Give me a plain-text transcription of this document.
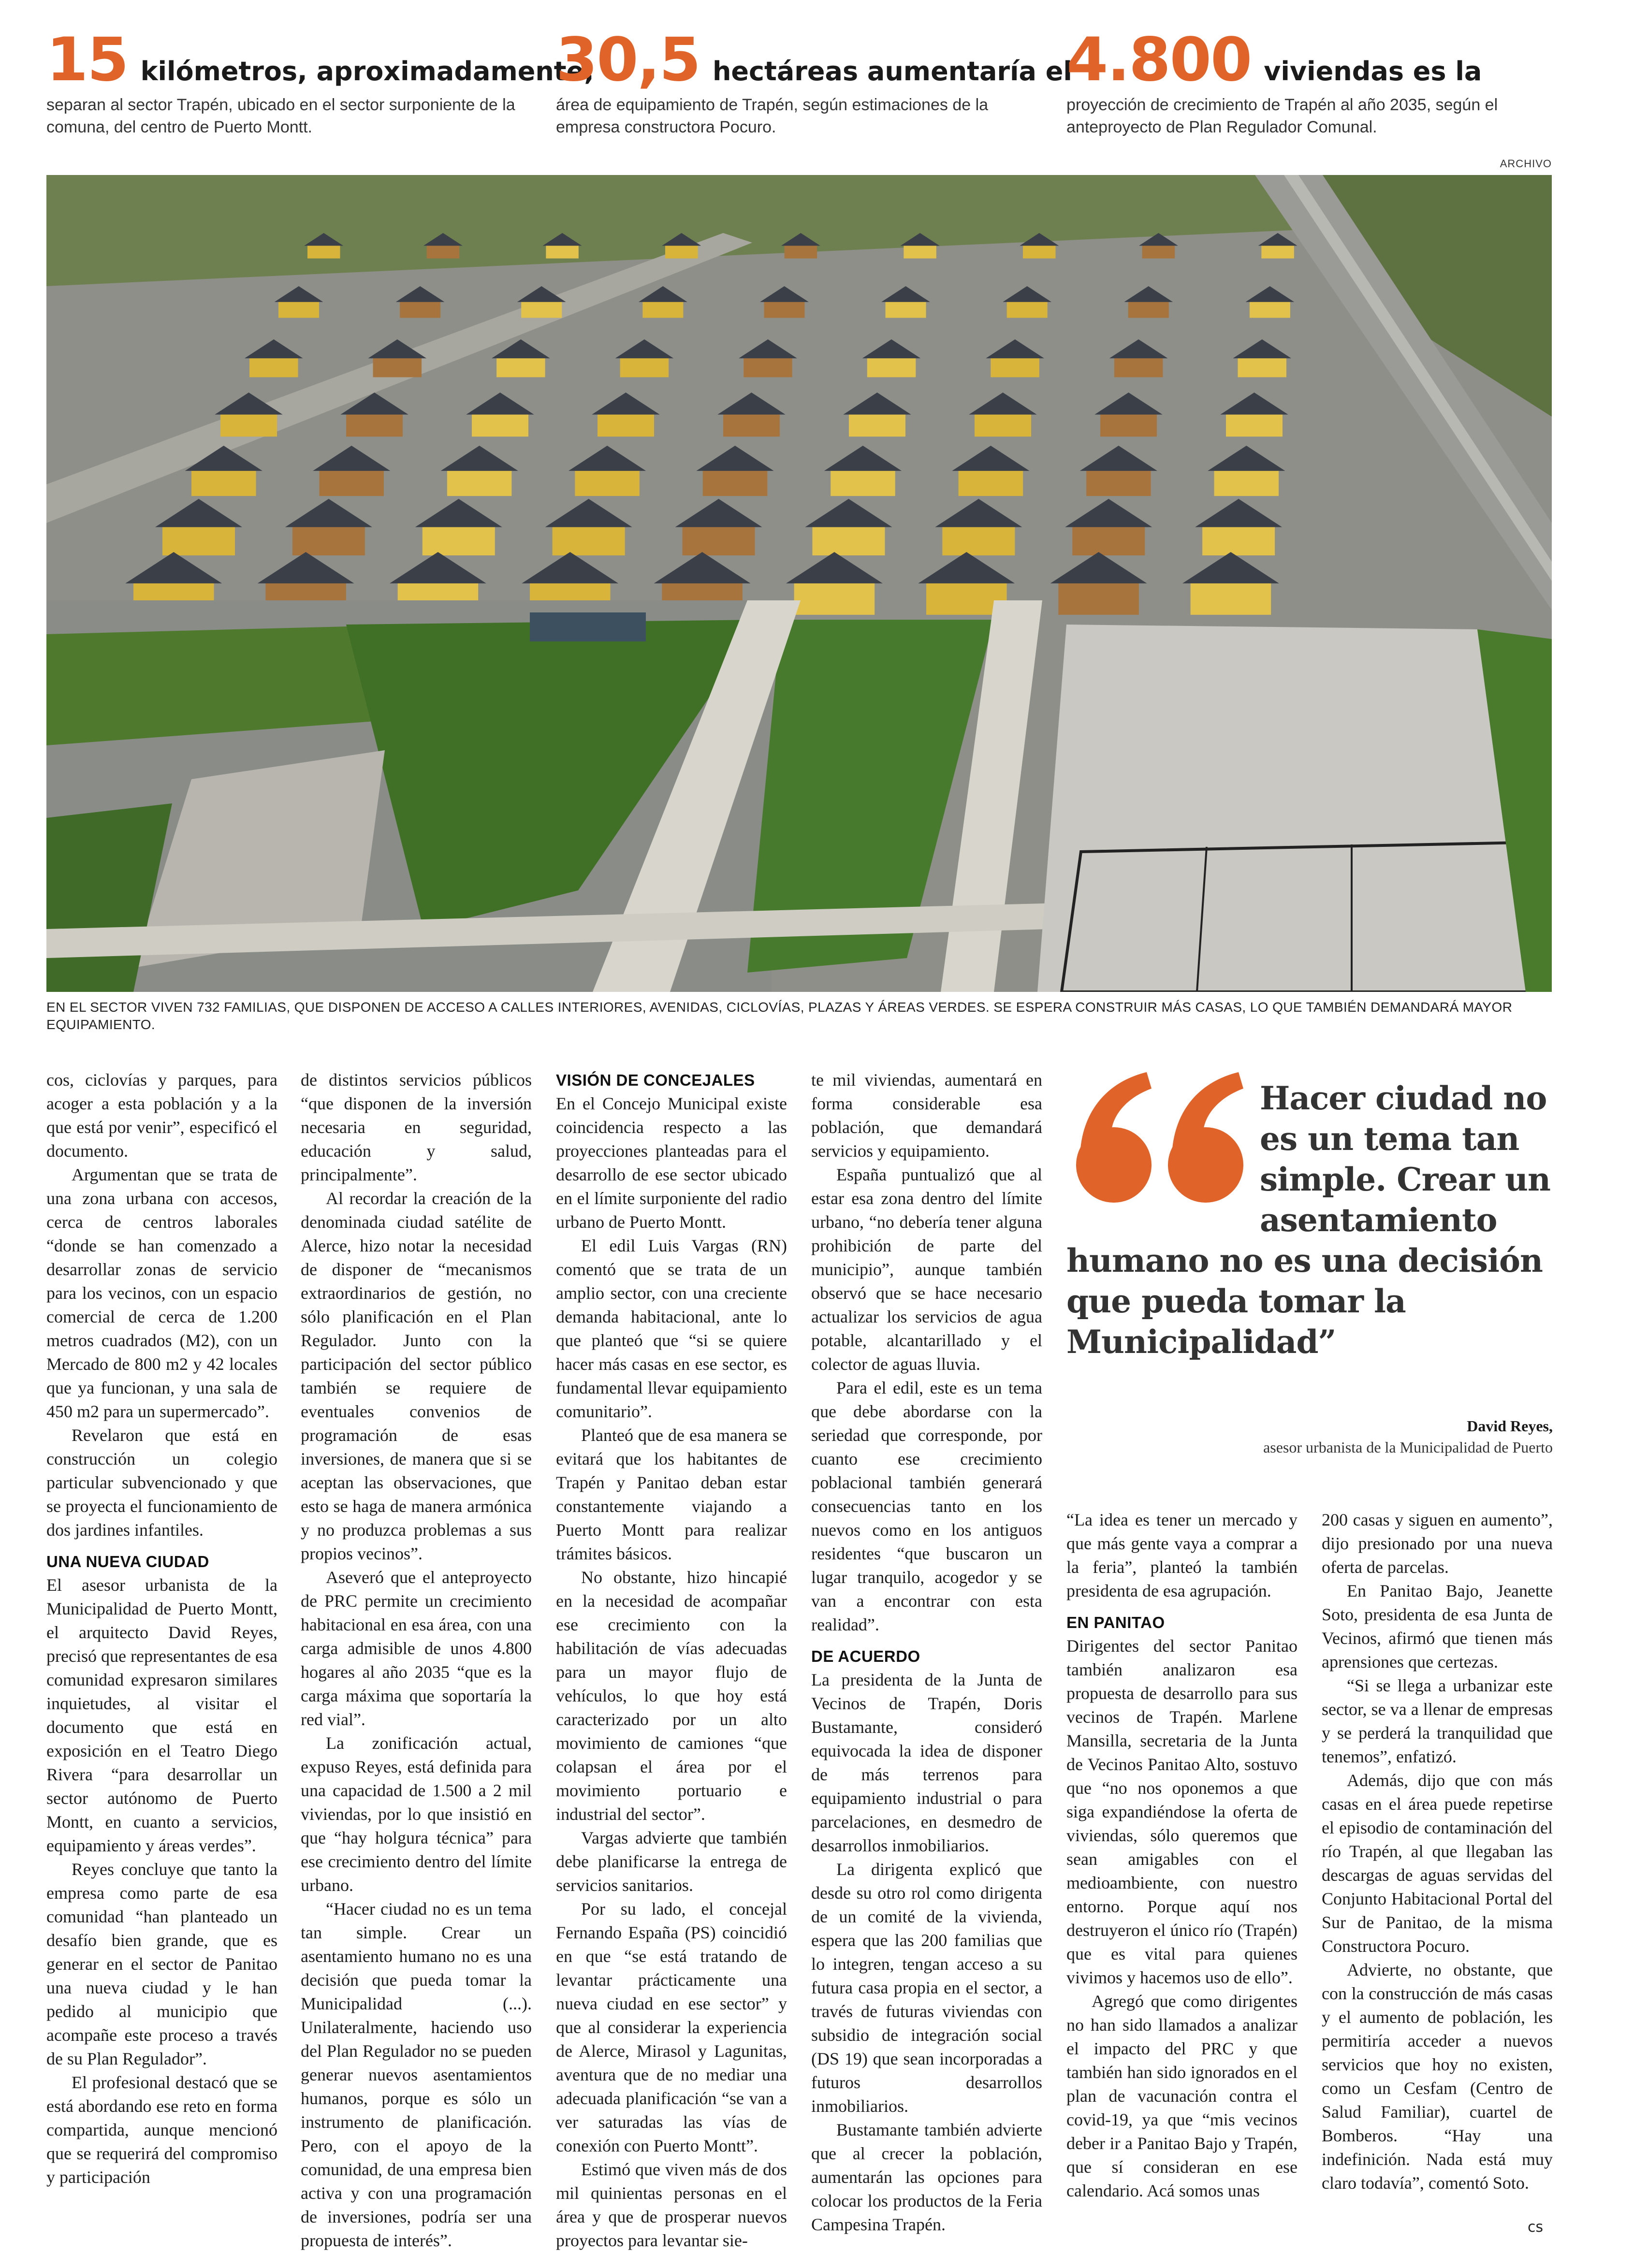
15 kilómetros, aproximadamente,

separan al sector Trapén, ubicado en el sector surponiente de la comuna, del centro de Puerto Montt.

30,5 hectáreas aumentaría el

área de equipamiento de Trapén, según estimaciones de la empresa constructora Pocuro.

4.800 viviendas es la

proyección de crecimiento de Trapén al año 2035, según el anteproyecto de Plan Regulador Comunal.

ARCHIVO
EN EL SECTOR VIVEN 732 FAMILIAS, QUE DISPONEN DE ACCESO A CALLES INTERIORES, AVENIDAS, CICLOVÍAS, PLAZAS Y ÁREAS VERDES. SE ESPERA CONSTRUIR MÁS CASAS, LO QUE TAMBIÉN DEMANDARÁ MAYOR EQUIPAMIENTO.

cos, ciclovías y parques, para acoger a esta población y a la que está por venir”, especificó el documento.

Argumentan que se trata de una zona urbana con accesos, cerca de centros laborales “donde se han comenzado a desarrollar zonas de servicio para los vecinos, con un espacio comercial de cerca de 1.200 metros cuadrados (M2), con un Mercado de 800 m2 y 42 locales que ya funcionan, y una sala de 450 m2 para un supermercado”.

Revelaron que está en construcción un colegio particular subvencionado y que se proyecta el funcionamiento de dos jardines infantiles.

UNA NUEVA CIUDAD

El asesor urbanista de la Municipalidad de Puerto Montt, el arquitecto David Reyes, precisó que representantes de esa comunidad expresaron similares inquietudes, al visitar el documento que está en exposición en el Teatro Diego Rivera “para desarrollar un sector autónomo de Puerto Montt, en cuanto a servicios, equipamiento y áreas verdes”.

Reyes concluye que tanto la empresa como parte de esa comunidad “han planteado un desafío bien grande, que es generar en el sector de Panitao una nueva ciudad y le han pedido al municipio que acompañe este proceso a través de su Plan Regulador”.

El profesional destacó que se está abordando ese reto en forma compartida, aunque mencionó que se requerirá del compromiso y participación

de distintos servicios públicos “que disponen de la inversión necesaria en seguridad, educación y salud, principalmente”.

Al recordar la creación de la denominada ciudad satélite de Alerce, hizo notar la necesidad de disponer de “mecanismos extraordinarios de gestión, no sólo planificación en el Plan Regulador. Junto con la participación del sector público también se requiere de eventuales convenios de programación de esas inversiones, de manera que si se aceptan las observaciones, que esto se haga de manera armónica y no produzca problemas a sus propios vecinos”.

Aseveró que el anteproyecto de PRC permite un crecimiento habitacional en esa área, con una carga admisible de unos 4.800 hogares al año 2035 “que es la carga máxima que soportaría la red vial”.

La zonificación actual, expuso Reyes, está definida para una capacidad de 1.500 a 2 mil viviendas, por lo que insistió en que “hay holgura técnica” para ese crecimiento dentro del límite urbano.

“Hacer ciudad no es un tema tan simple. Crear un asentamiento humano no es una decisión que pueda tomar la Municipalidad (...). Unilateralmente, haciendo uso del Plan Regulador no se pueden generar nuevos asentamientos humanos, porque es sólo un instrumento de planificación. Pero, con el apoyo de la comunidad, de una empresa bien activa y con una programación de inversiones, podría ser una propuesta de interés”.

VISIÓN DE CONCEJALES

En el Concejo Municipal existe coincidencia respecto a las proyecciones planteadas para el desarrollo de ese sector ubicado en el límite surponiente del radio urbano de Puerto Montt.

El edil Luis Vargas (RN) comentó que se trata de un amplio sector, con una creciente demanda habitacional, ante lo que planteó que “si se quiere hacer más casas en ese sector, es fundamental llevar equipamiento comunitario”.

Planteó que de esa manera se evitará que los habitantes de Trapén y Panitao deban estar constantemente viajando a Puerto Montt para realizar trámites básicos.

No obstante, hizo hincapié en la necesidad de acompañar ese crecimiento con la habilitación de vías adecuadas para un mayor flujo de vehículos, lo que hoy está caracterizado por un alto movimiento de camiones “que colapsan el área por el movimiento portuario e industrial del sector”.

Vargas advierte que también debe planificarse la entrega de servicios sanitarios.

Por su lado, el concejal Fernando España (PS) coincidió en que “se está tratando de levantar prácticamente una nueva ciudad en ese sector” y que al considerar la experiencia de Alerce, Mirasol y Lagunitas, aventura que de no mediar una adecuada planificación “se van a ver saturadas las vías de conexión con Puerto Montt”.

Estimó que viven más de dos mil quinientas personas en el área y que de prosperar nuevos proyectos para levantar sie-

te mil viviendas, aumentará en forma considerable esa población, que demandará servicios y equipamiento.

España puntualizó que al estar esa zona dentro del límite urbano, “no debería tener alguna prohibición de parte del municipio”, aunque también observó que se hace necesario actualizar los servicios de agua potable, alcantarillado y el colector de aguas lluvia.

Para el edil, este es un tema que debe abordarse con la seriedad que corresponde, por cuanto ese crecimiento poblacional también generará consecuencias tanto en los nuevos como en los antiguos residentes “que buscaron un lugar tranquilo, acogedor y se van a encontrar con esta realidad”.

DE ACUERDO

La presidenta de la Junta de Vecinos de Trapén, Doris Bustamante, consideró equivocada la idea de disponer de más terrenos para equipamiento industrial o para parcelaciones, en desmedro de desarrollos inmobiliarios.

La dirigenta explicó que desde su otro rol como dirigenta de un comité de la vivienda, espera que las 200 familias que lo integren, tengan acceso a su futura casa propia en el sector, a través de futuras viviendas con subsidio de integración social (DS 19) que sean incorporadas a futuros desarrollos inmobiliarios.

Bustamante también advierte que al crecer la población, aumentarán las opciones para colocar los productos de la Feria Campesina Trapén.

“La idea es tener un mercado y que más gente vaya a comprar a la feria”, planteó la también presidenta de esa agrupación.

EN PANITAO

Dirigentes del sector Panitao también analizaron esa propuesta de desarrollo para sus vecinos de Trapén. Marlene Mansilla, secretaria de la Junta de Vecinos Panitao Alto, sostuvo que “no nos oponemos a que siga expandiéndose la oferta de viviendas, sólo queremos que sean amigables con el medioambiente, con nuestro entorno. Porque aquí nos destruyeron el único río (Trapén) que es vital para quienes vivimos y hacemos uso de ello”.

Agregó que como dirigentes no han sido llamados a analizar el impacto del PRC y que también han sido ignorados en el plan de vacunación contra el covid-19, ya que “mis vecinos deber ir a Panitao Bajo y Trapén, que sí consideran en ese calendario. Acá somos unas

200 casas y siguen en aumento”, dijo presionado por una nueva oferta de parcelas.

En Panitao Bajo, Jeanette Soto, presidenta de esa Junta de Vecinos, afirmó que tienen más aprensiones que certezas.

“Si se llega a urbanizar este sector, se va a llenar de empresas y se perderá la tranquilidad que tenemos”, enfatizó.

Además, dijo que con más casas en el área puede repetirse el episodio de contaminación del río Trapén, al que llegaban las descargas de aguas servidas del Conjunto Habitacional Portal del Sur de Panitao, de la misma Constructora Pocuro.

Advierte, no obstante, que con la construcción de más casas y el aumento de población, les permitiría acceder a nuevos servicios que hoy no existen, como un Cesfam (Centro de Salud Familiar), cuartel de Bomberos. “Hay una indefinición. Nada está muy claro todavía”, comentó Soto.

Hacer ciudad no es un tema tan simple. Crear un asentamiento humano no es una decisión que pueda tomar la Municipalidad”
David Reyes,
asesor urbanista de la Municipalidad de Puerto
cs
